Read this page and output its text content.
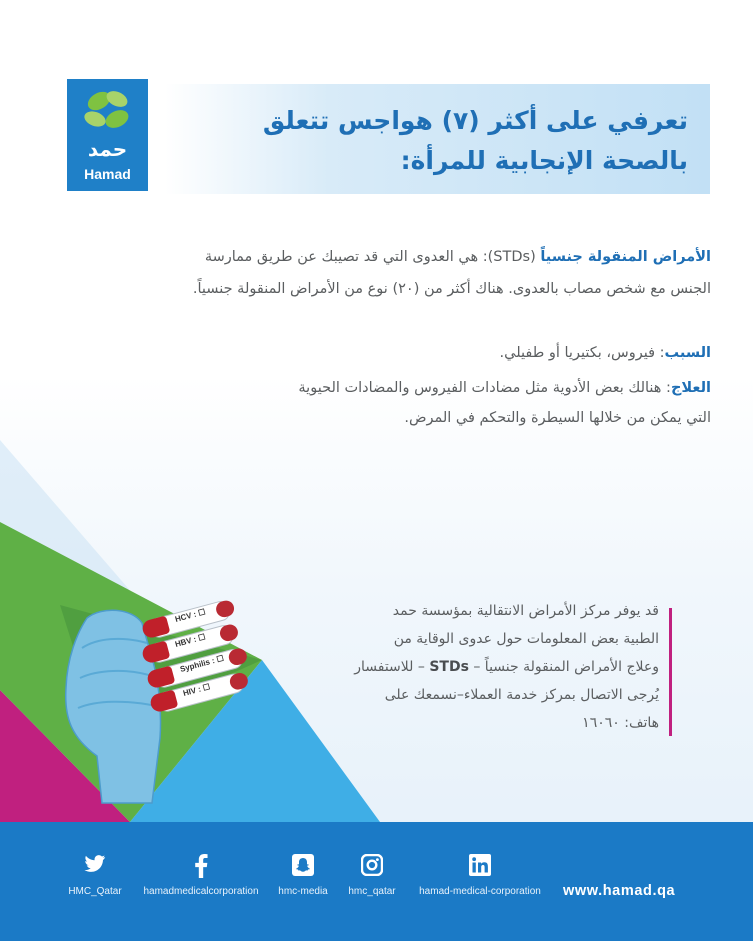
حمد
Hamad
تعرفي على أكثر (٧) هواجس تتعلق
بالصحة الإنجابية للمرأة:
الأمراض المنقولة جنسياً (STDs): هي العدوى التي قد تصيبك عن طريق ممارسة
الجنس مع شخص مصاب بالعدوى. هناك أكثر من (٢٠) نوع من الأمراض المنقولة جنسياً.
السبب: فيروس، بكتيريا أو طفيلي.
العلاج: هنالك بعض الأدوية مثل مضادات الفيروس والمضادات الحيوية
التي يمكن من خلالها السيطرة والتحكم في المرض.
HCV : ☐
HBV : ☐
Syphilis : ☐
HIV : ☐
قد يوفر مركز الأمراض الانتقالية بمؤسسة حمد
الطبية بعض المعلومات حول عدوى الوقاية من
وعلاج الأمراض المنقولة جنسياً – STDs – للاستفسار
يُرجى الاتصال بمركز خدمة العملاء–نسمعك على
هاتف: ١٦٠٦٠
HMC_Qatar	hamadmedicalcorporation	hmc-media	hmc_qatar	hamad-medical-corporation	www.hamad.qa
